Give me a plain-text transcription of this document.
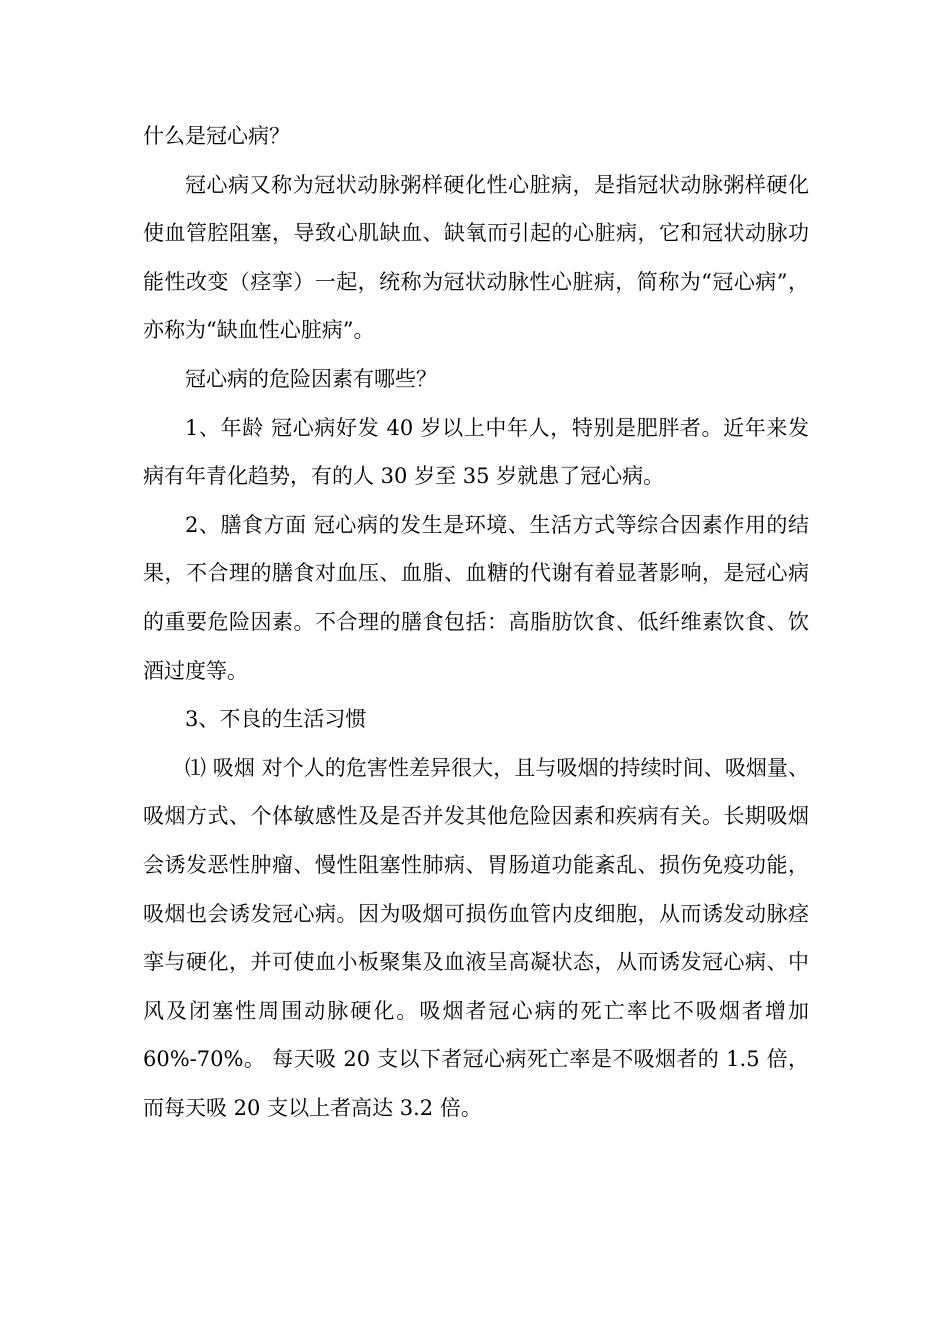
什么是冠心病？

冠心病又称为冠状动脉粥样硬化性心脏病，是指冠状动脉粥样硬化使血管腔阻塞，导致心肌缺血、缺氧而引起的心脏病，它和冠状动脉功能性改变（痉挛）一起，统称为冠状动脉性心脏病，简称为“冠心病”，亦称为“缺血性心脏病”。

冠心病的危险因素有哪些？

1、年龄 冠心病好发 40 岁以上中年人，特别是肥胖者。近年来发病有年青化趋势，有的人 30 岁至 35 岁就患了冠心病。

2、膳食方面 冠心病的发生是环境、生活方式等综合因素作用的结果，不合理的膳食对血压、血脂、血糖的代谢有着显著影响，是冠心病的重要危险因素。不合理的膳食包括：高脂肪饮食、低纤维素饮食、饮酒过度等。

3、不良的生活习惯

⑴ 吸烟 对个人的危害性差异很大，且与吸烟的持续时间、吸烟量、吸烟方式、个体敏感性及是否并发其他危险因素和疾病有关。长期吸烟会诱发恶性肿瘤、慢性阻塞性肺病、胃肠道功能紊乱、损伤免疫功能，吸烟也会诱发冠心病。因为吸烟可损伤血管内皮细胞，从而诱发动脉痉挛与硬化，并可使血小板聚集及血液呈高凝状态，从而诱发冠心病、中风及闭塞性周围动脉硬化。吸烟者冠心病的死亡率比不吸烟者增加 60%-70%。 每天吸 20 支以下者冠心病死亡率是不吸烟者的 1.5 倍，而每天吸 20 支以上者高达 3.2 倍。
